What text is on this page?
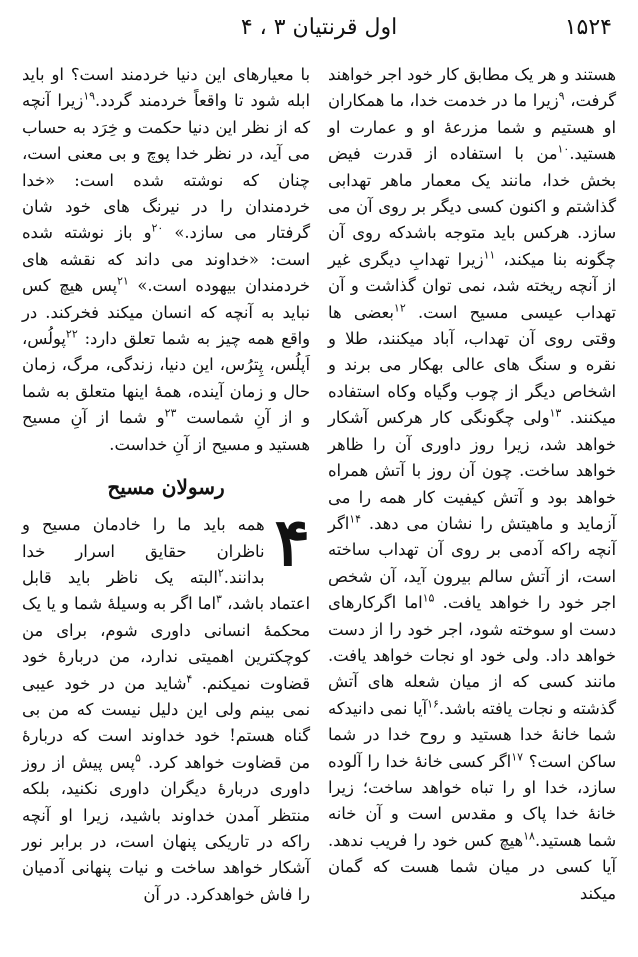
۱۵۲۴
اول قرنتیان ۳ ، ۴

هستند و هر یک مطابق کار خود اجر خواهند گرفت، $^۹$زیرا ما در خدمت خدا، ما همکاران او هستیم و شما مزرعهٔ او و عمارت او هستید.$^{۱۰}$من با استفاده از قدرت فیض بخش خدا، مانند یک معمار ماهر تهدابی گذاشتم و اکنون کسی دیگر بر روی آن می سازد. هرکس باید متوجه باشدکه روی آن چگونه بنا میکند، $^{۱۱}$زیرا تهدابِ دیگری غیر از آنچه ریخته شد، نمی توان گذاشت و آن تهداب عیسی مسیح است. $^{۱۲}$بعضی ها وقتی روی آن تهداب، آباد میکنند، طلا و نقره و سنگ های عالی بهکار می برند و اشخاص دیگر از چوب وگیاه وکاه استفاده میکنند. $^{۱۳}$ولی چگونگی کار هرکس آشکار خواهد شد، زیرا روز داوری آن را ظاهر خواهد ساخت. چون آن روز با آتش همراه خواهد بود و آتش کیفیت کار همه را می آزماید و ماهیتش را نشان می دهد. $^{۱۴}$اگر آنچه راکه آدمی بر روی آن تهداب ساخته است، از آتش سالم بیرون آید، آن شخص اجر خود را خواهد یافت. $^{۱۵}$اما اگرکارهای دست او سوخته شود، اجر خود را از دست خواهد داد. ولی خود او نجات خواهد یافت. مانند کسی که از میان شعله های آتش گذشته و نجات یافته باشد.$^{۱۶}$آیا نمی دانیدکه شما خانهٔ خدا هستید و روح خدا در شما ساکن است؟ $^{۱۷}$اگر کسی خانهٔ خدا را آلوده سازد، خدا او را تباه خواهد ساخت؛ زیرا خانهٔ خدا پاک و مقدس است و آن خانه شما هستید.$^{۱۸}$هیچ کس خود را فریب ندهد. آیا کسی در میان شما هست که گمان میکند

با معیارهای این دنیا خردمند است؟ او باید ابله شود تا واقعاً خردمند گردد.$^{۱۹}$زیرا آنچه که از نظر این دنیا حکمت و خِرَد به حساب می آید، در نظر خدا پوچ و بی معنی است، چنان که نوشته شده است: «خدا خردمندان را در نیرنگ های خود شان گرفتار می سازد.» $^{۲۰}$و باز نوشته شده است: «خداوند می داند که نقشه های خردمندان بیهوده است.» $^{۲۱}$پس هیچ کس نباید به آنچه که انسان میکند فخرکند. در واقع همه چیز به شما تعلق دارد: $^{۲۲}$پولُس، اَپلُس، پِترُس، این دنیا، زندگی، مرگ، زمان حال و زمان آینده، همهٔ اینها متعلق به شما و از آنِ شماست $^{۲۳}$و شما از آنِ مسیح هستید و مسیح از آنِ خداست.

رسولان مسیح
۴

همه باید ما را خادمان مسیح و ناظران حقایق اسرار خدا بدانند.$^۲$البته یک ناظر باید قابل اعتماد باشد، $^۳$اما اگر به وسیلهٔ شما و یا یک محکمهٔ انسانی داوری شوم، برای من کوچکترین اهمیتی ندارد، من دربارهٔ خود قضاوت نمیکنم. $^۴$شاید من در خود عیبی نمی بینم ولی این دلیل نیست که من بی گناه هستم! خود خداوند است که دربارهٔ من قضاوت خواهد کرد. $^۵$پس پیش از روز داوری دربارهٔ دیگران داوری نکنید، بلکه منتظر آمدن خداوند باشید، زیرا او آنچه راکه در تاریکی پنهان است، در برابر نور آشکار خواهد ساخت و نیات پنهانی آدمیان را فاش خواهدکرد. در آن
